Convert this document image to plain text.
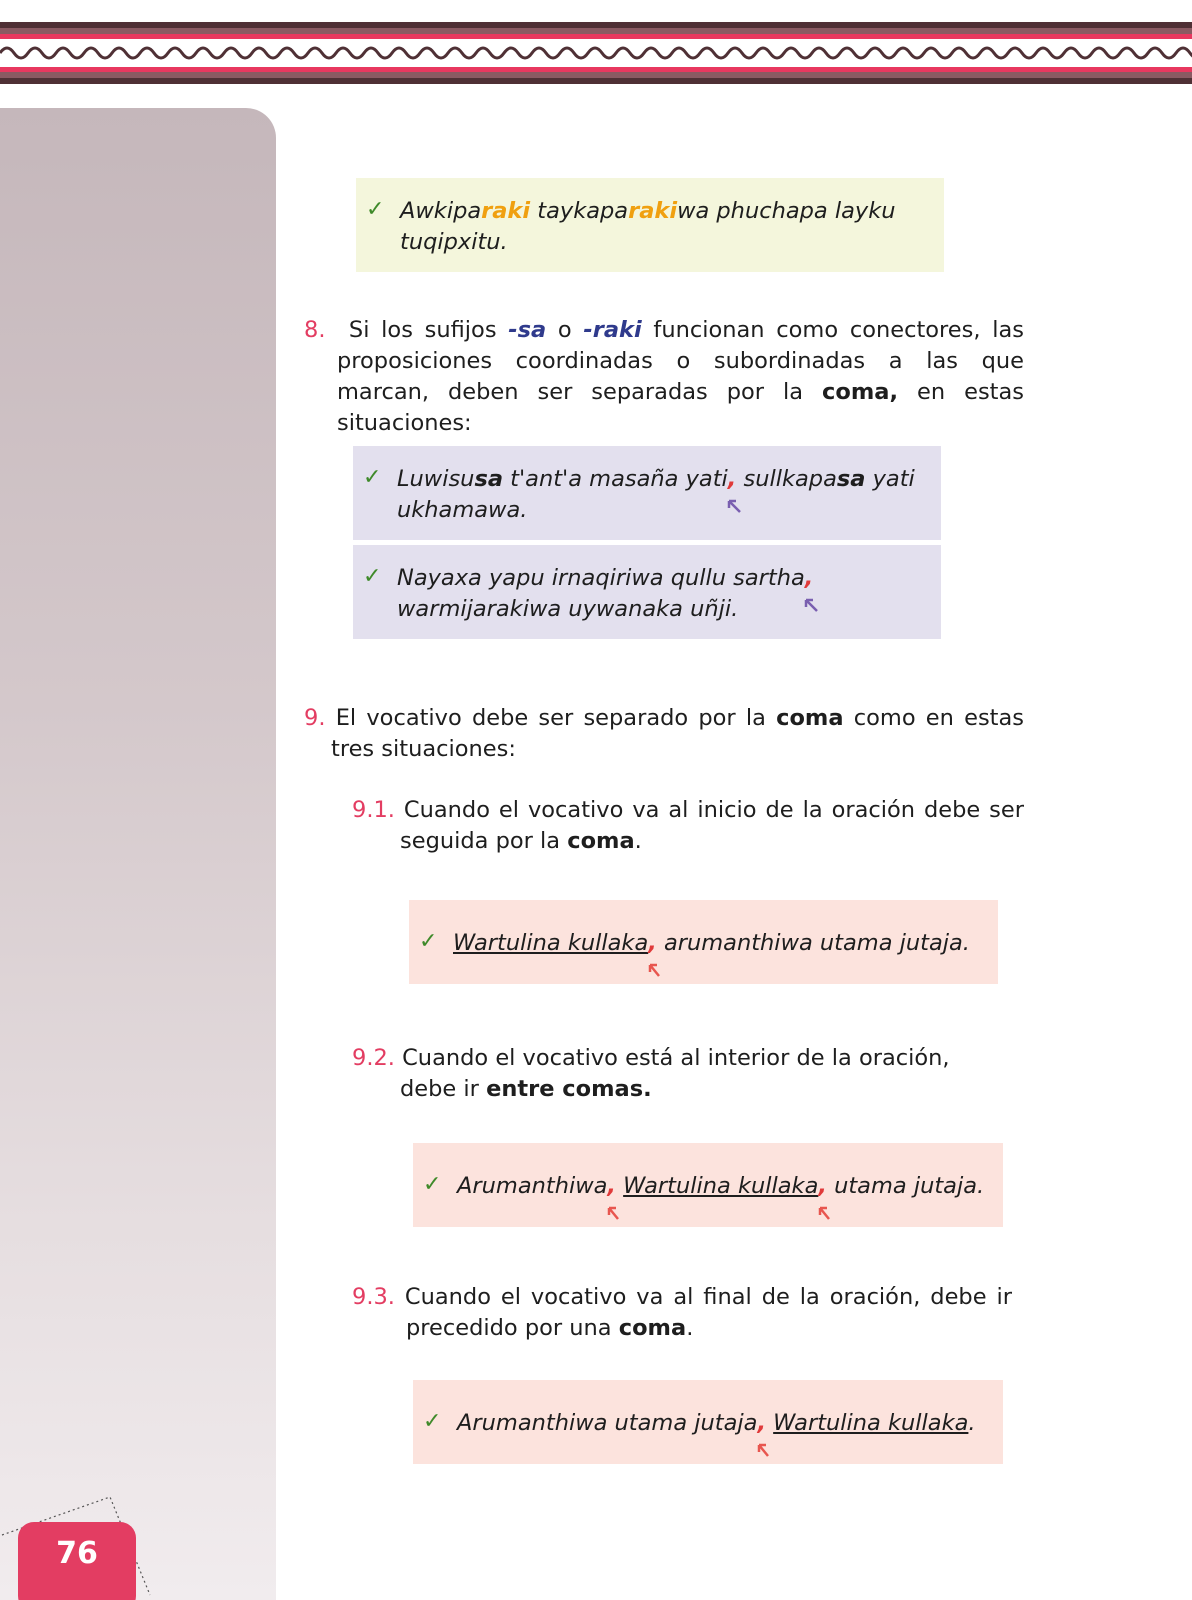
76
✓ Awkiparaki taykaparakiwa phuchapa layku tuqipxitu.
8. Si los sufijos -sa o -raki funcionan como conectores, las proposiciones coordinadas o subordinadas a las que marcan, deben ser separadas por la coma, en estas situaciones:
✓ Luwisusa t'ant'a masaña yati,
sullkapasa yati ukhamawa.
✓ Nayaxa yapu irnaqiriwa qullu sartha,
warmijarakiwa uywanaka uñji.
9. El vocativo debe ser separado por la coma como en estas tres situaciones:
9.1. Cuando el vocativo va al inicio de la oración debe ser seguida por la coma.
✓ Wartulina kullaka,
arumanthiwa utama jutaja.
9.2. Cuando el vocativo está al interior de la oración, debe ir entre comas.
✓ Arumanthiwa, Wartulina kullaka,
utama jutaja.
9.3. Cuando el vocativo va al final de la oración, debe ir precedido por una coma.
✓ Arumanthiwa utama jutaja, Wartulina kullaka.
